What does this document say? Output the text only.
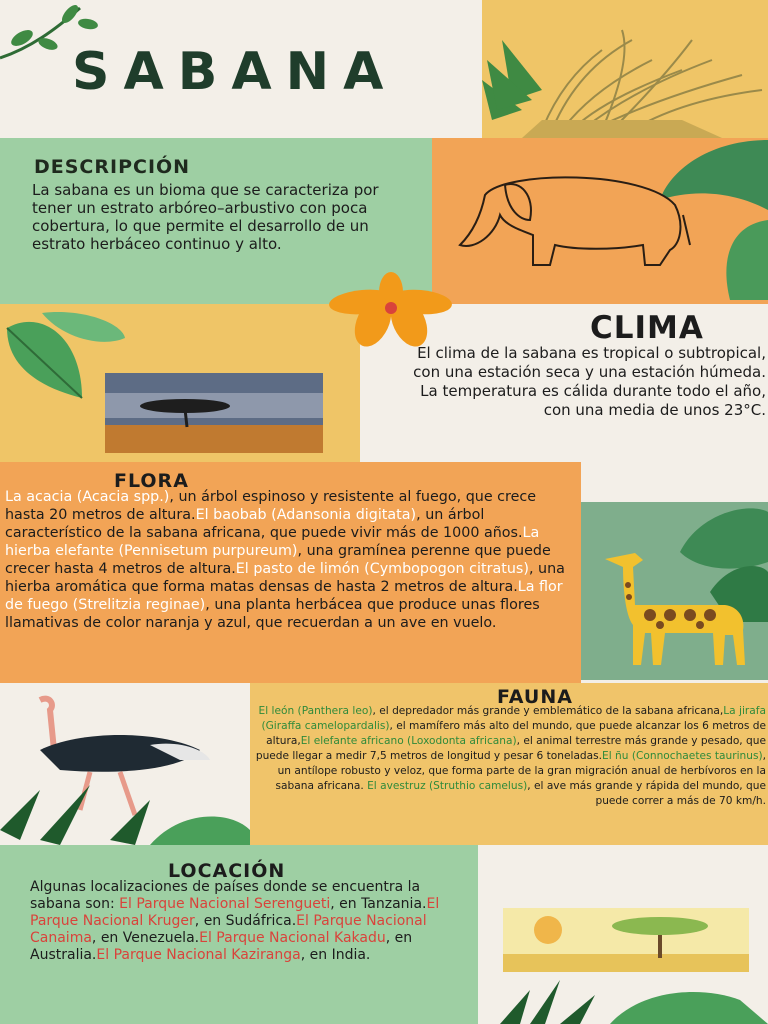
SABANA
DESCRIPCIÓN

La sabana es un bioma que se caracteriza por tener un estrato arbóreo–arbustivo con poca cobertura, lo que permite el desarrollo de un estrato herbáceo continuo y alto.

CLIMA

El clima de la sabana es tropical o subtropical, con una estación seca y una estación húmeda. La temperatura es cálida durante todo el año, con una media de unos 23°C.

FLORA

La acacia (Acacia spp.), un árbol espinoso y resistente al fuego, que crece hasta 20 metros de altura.El baobab (Adansonia digitata), un árbol característico de la sabana africana, que puede vivir más de 1000 años.La hierba elefante (Pennisetum purpureum), una gramínea perenne que puede crecer hasta 4 metros de altura.El pasto de limón (Cymbopogon citratus), una hierba aromática que forma matas densas de hasta 2 metros de altura.La flor de fuego (Strelitzia reginae), una planta herbácea que produce unas flores llamativas de color naranja y azul, que recuerdan a un ave en vuelo.

FAUNA

El león (Panthera leo), el depredador más grande y emblemático de la sabana africana,La jirafa (Giraffa camelopardalis), el mamífero más alto del mundo, que puede alcanzar los 6 metros de altura,El elefante africano (Loxodonta africana), el animal terrestre más grande y pesado, que puede llegar a medir 7,5 metros de longitud y pesar 6 toneladas.El ñu (Connochaetes taurinus), un antílope robusto y veloz, que forma parte de la gran migración anual de herbívoros en la sabana africana. El avestruz (Struthio camelus), el ave más grande y rápida del mundo, que puede correr a más de 70 km/h.

LOCACIÓN

Algunas localizaciones de países donde se encuentra la sabana son: El Parque Nacional Serengueti, en Tanzania.El Parque Nacional Kruger, en Sudáfrica.El Parque Nacional Canaima, en Venezuela.El Parque Nacional Kakadu, en Australia.El Parque Nacional Kaziranga, en India.
